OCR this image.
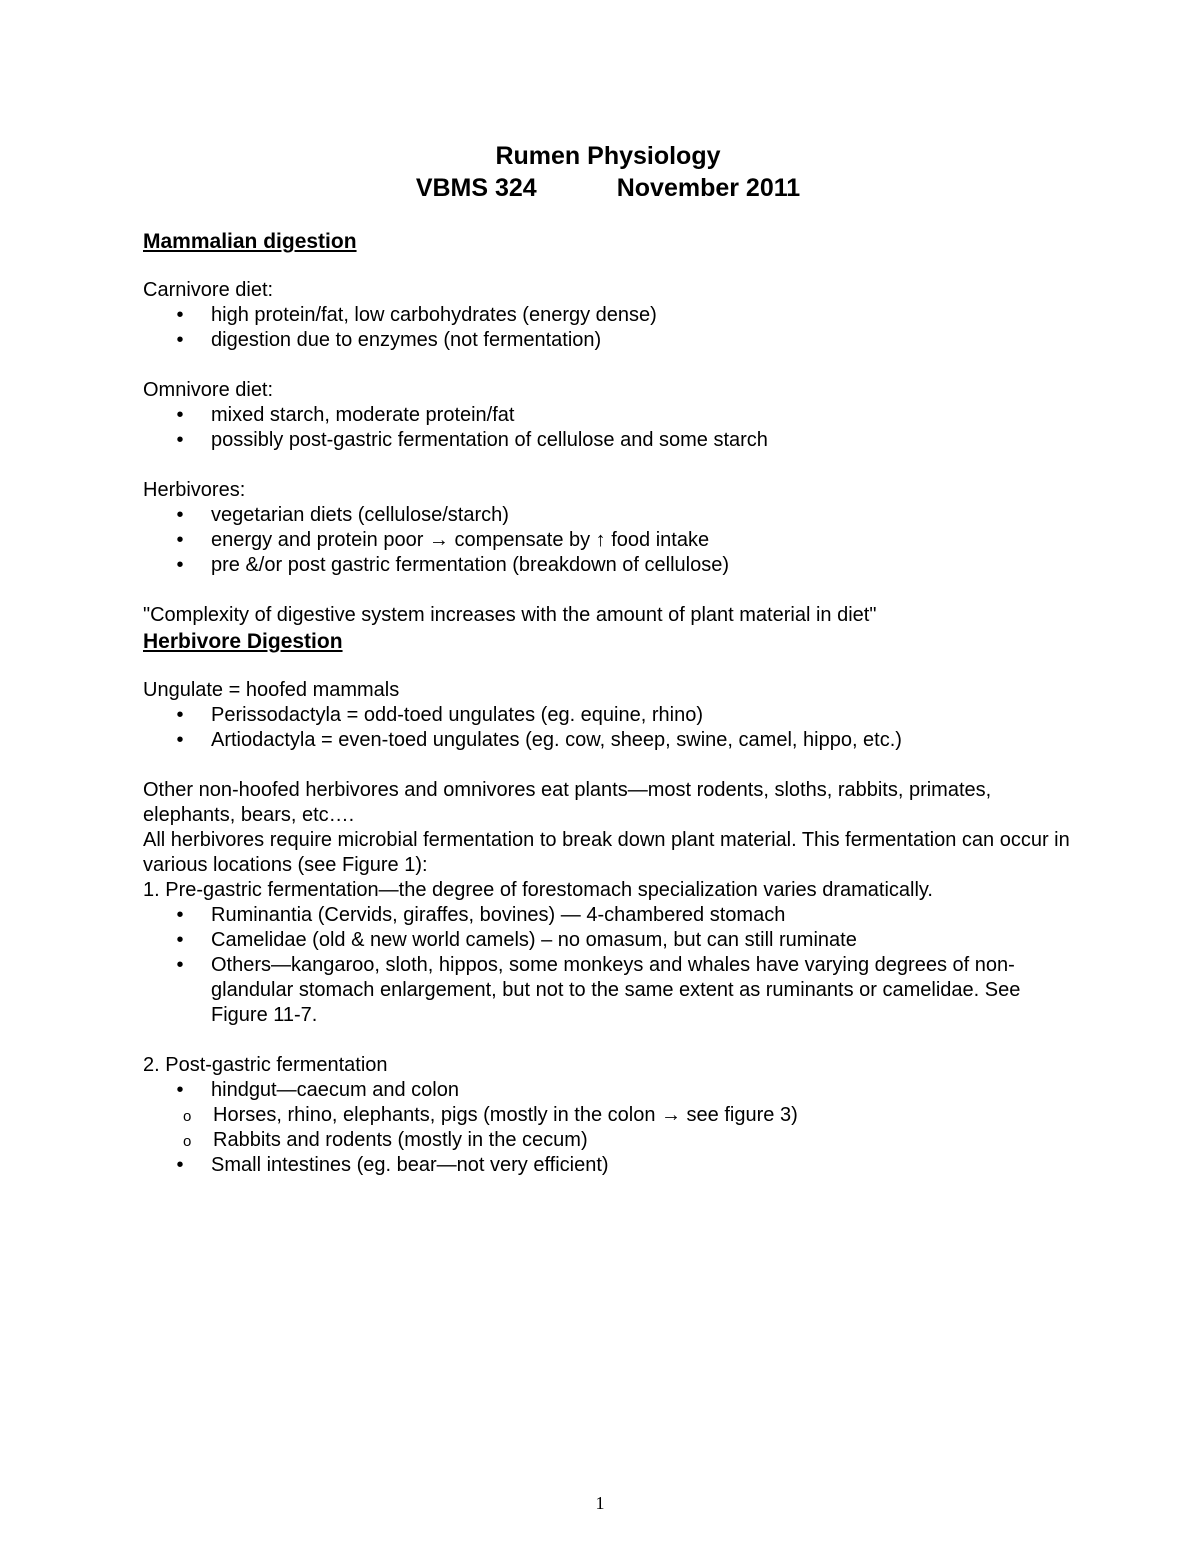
Rumen Physiology

VBMS 324	November 2011

Mammalian digestion

Carnivore diet:

• high protein/fat, low carbohydrates (energy dense)
• digestion due to enzymes (not fermentation)

Omnivore diet:

• mixed starch, moderate protein/fat
• possibly post-gastric fermentation of cellulose and some starch

Herbivores:

• vegetarian diets (cellulose/starch)
• energy and protein poor → compensate by ↑ food intake
• pre &/or post gastric fermentation (breakdown of cellulose)

"Complexity of digestive system increases with the amount of plant material in diet"

Herbivore Digestion

Ungulate = hoofed mammals

• Perissodactyla = odd-toed ungulates (eg. equine, rhino)
• Artiodactyla = even-toed ungulates (eg. cow, sheep, swine, camel, hippo, etc.)

Other non-hoofed herbivores and omnivores eat plants—most rodents, sloths, rabbits, primates, elephants, bears, etc….

All herbivores require microbial fermentation to break down plant material. This fermentation can occur in various locations (see Figure 1):

1. Pre-gastric fermentation—the degree of forestomach specialization varies dramatically.

• Ruminantia (Cervids, giraffes, bovines) — 4-chambered stomach
• Camelidae (old & new world camels) – no omasum, but can still ruminate
• Others—kangaroo, sloth, hippos, some monkeys and whales have varying degrees of non-glandular stomach enlargement, but not to the same extent as ruminants or camelidae. See Figure 11-7.

2. Post-gastric fermentation

• hindgut—caecum and colon
o Horses, rhino, elephants, pigs (mostly in the colon → see figure 3)
o Rabbits and rodents (mostly in the cecum)
• Small intestines (eg. bear—not very efficient)
1
